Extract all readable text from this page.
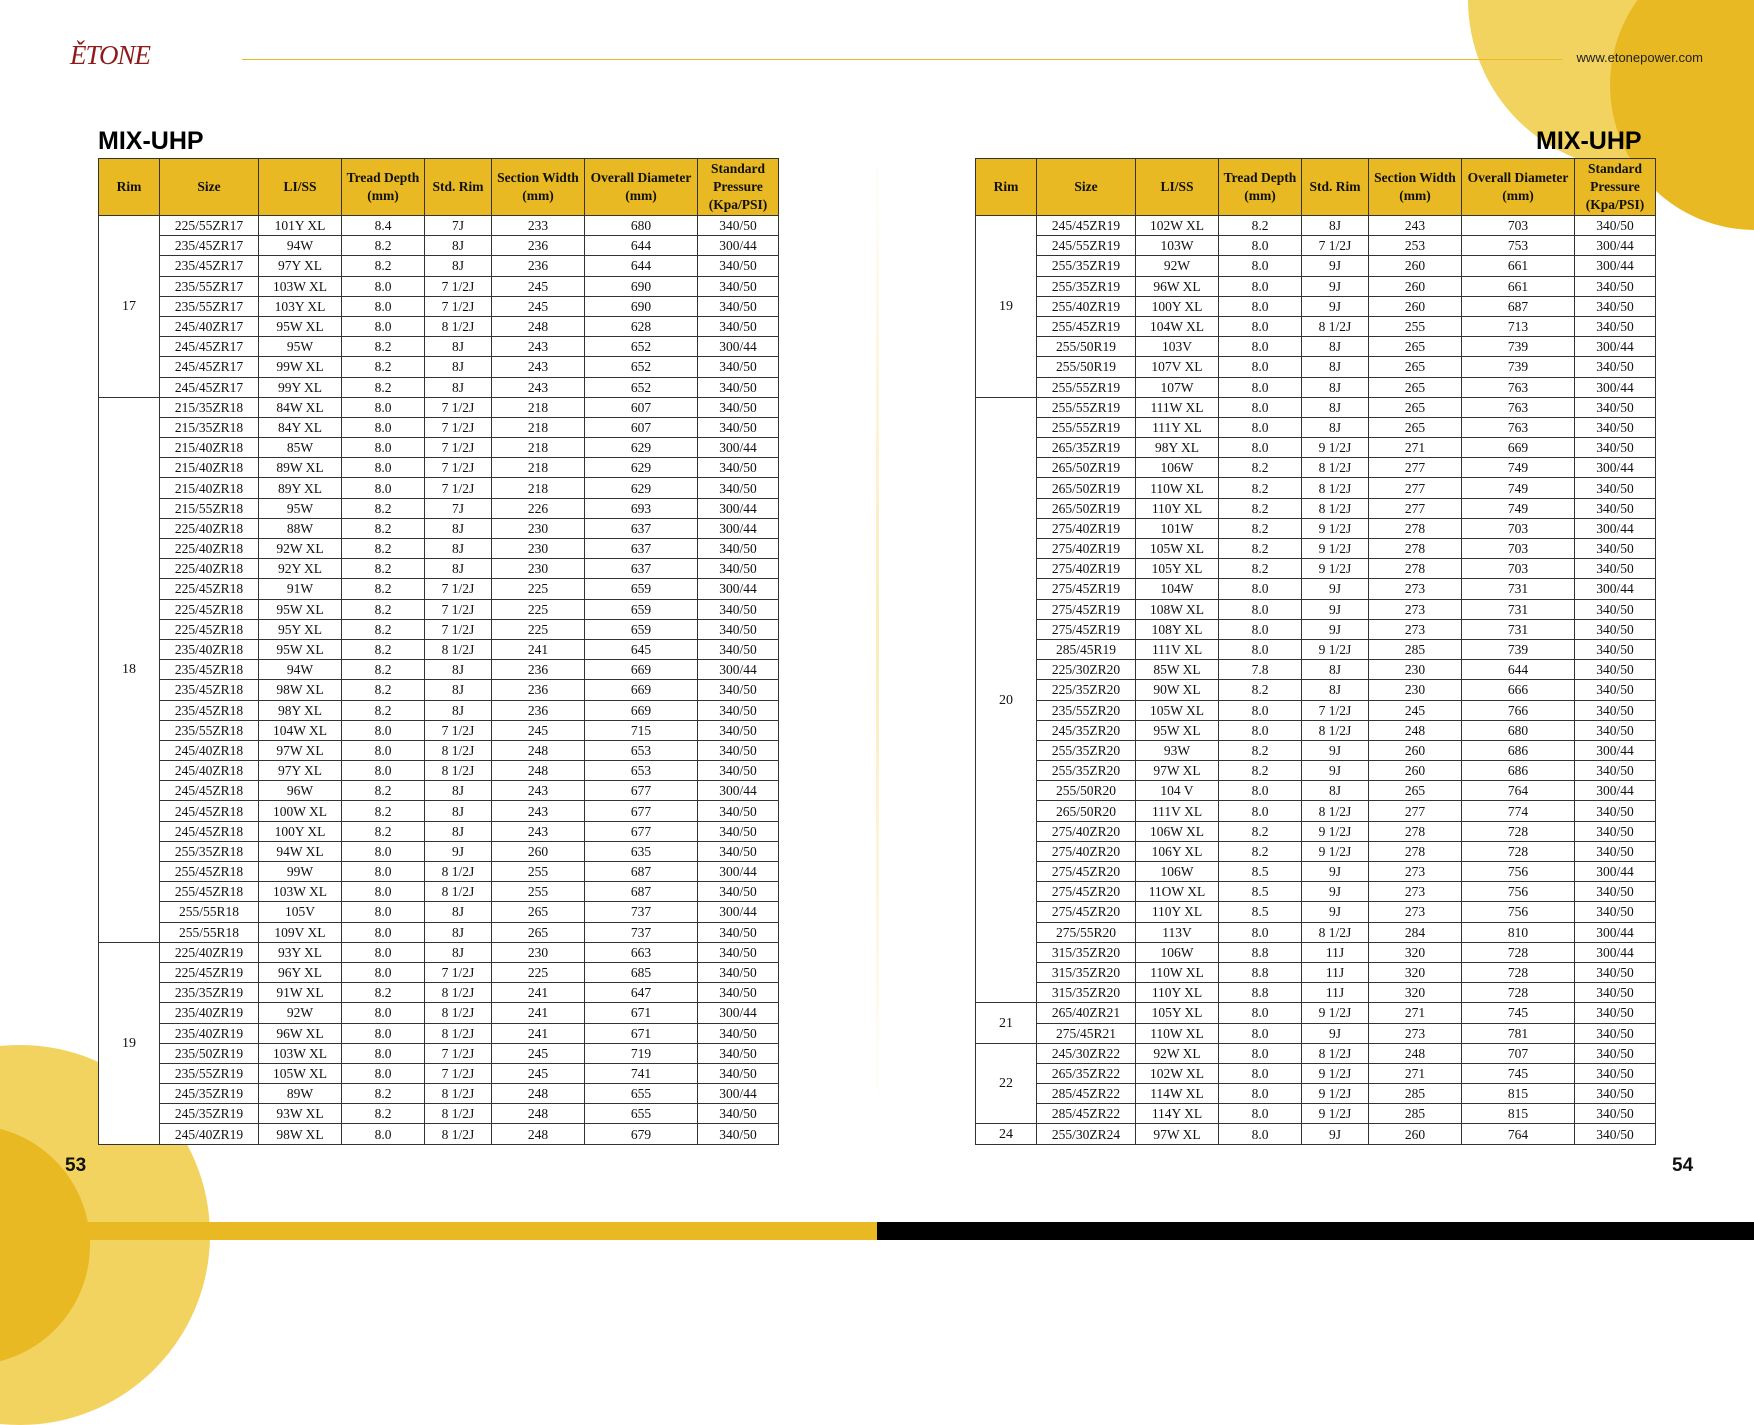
ĚTONE	www.etonepower.com
MIX-UHP	MIX-UHP
Rim	Size	LI/SS	Tread Depth (mm)	Std. Rim	Section Width (mm)	Overall Diameter (mm)	Standard Pressure (Kpa/PSI)
17	225/55ZR17	101Y XL	8.4	7J	233	680	340/50
	235/45ZR17	94W	8.2	8J	236	644	300/44
	235/45ZR17	97Y XL	8.2	8J	236	644	340/50
	235/55ZR17	103W XL	8.0	7 1/2J	245	690	340/50
	235/55ZR17	103Y XL	8.0	7 1/2J	245	690	340/50
	245/40ZR17	95W XL	8.0	8 1/2J	248	628	340/50
	245/45ZR17	95W	8.2	8J	243	652	300/44
	245/45ZR17	99W XL	8.2	8J	243	652	340/50
	245/45ZR17	99Y XL	8.2	8J	243	652	340/50
18	215/35ZR18	84W XL	8.0	7 1/2J	218	607	340/50
	215/35ZR18	84Y XL	8.0	7 1/2J	218	607	340/50
	215/40ZR18	85W	8.0	7 1/2J	218	629	300/44
	215/40ZR18	89W XL	8.0	7 1/2J	218	629	340/50
	215/40ZR18	89Y XL	8.0	7 1/2J	218	629	340/50
	215/55ZR18	95W	8.2	7J	226	693	300/44
	225/40ZR18	88W	8.2	8J	230	637	300/44
	225/40ZR18	92W XL	8.2	8J	230	637	340/50
	225/40ZR18	92Y XL	8.2	8J	230	637	340/50
	225/45ZR18	91W	8.2	7 1/2J	225	659	300/44
	225/45ZR18	95W XL	8.2	7 1/2J	225	659	340/50
	225/45ZR18	95Y XL	8.2	7 1/2J	225	659	340/50
	235/40ZR18	95W XL	8.2	8 1/2J	241	645	340/50
	235/45ZR18	94W	8.2	8J	236	669	300/44
	235/45ZR18	98W XL	8.2	8J	236	669	340/50
	235/45ZR18	98Y XL	8.2	8J	236	669	340/50
	235/55ZR18	104W XL	8.0	7 1/2J	245	715	340/50
	245/40ZR18	97W XL	8.0	8 1/2J	248	653	340/50
	245/40ZR18	97Y XL	8.0	8 1/2J	248	653	340/50
	245/45ZR18	96W	8.2	8J	243	677	300/44
	245/45ZR18	100W XL	8.2	8J	243	677	340/50
	245/45ZR18	100Y XL	8.2	8J	243	677	340/50
	255/35ZR18	94W XL	8.0	9J	260	635	340/50
	255/45ZR18	99W	8.0	8 1/2J	255	687	300/44
	255/45ZR18	103W XL	8.0	8 1/2J	255	687	340/50
	255/55R18	105V	8.0	8J	265	737	300/44
	255/55R18	109V XL	8.0	8J	265	737	340/50
19	225/40ZR19	93Y XL	8.0	8J	230	663	340/50
	225/45ZR19	96Y XL	8.0	7 1/2J	225	685	340/50
	235/35ZR19	91W XL	8.2	8 1/2J	241	647	340/50
	235/40ZR19	92W	8.0	8 1/2J	241	671	300/44
	235/40ZR19	96W XL	8.0	8 1/2J	241	671	340/50
	235/50ZR19	103W XL	8.0	7 1/2J	245	719	340/50
	235/55ZR19	105W XL	8.0	7 1/2J	245	741	340/50
	245/35ZR19	89W	8.2	8 1/2J	248	655	300/44
	245/35ZR19	93W XL	8.2	8 1/2J	248	655	340/50
	245/40ZR19	98W XL	8.0	8 1/2J	248	679	340/50
Rim	Size	LI/SS	Tread Depth (mm)	Std. Rim	Section Width (mm)	Overall Diameter (mm)	Standard Pressure (Kpa/PSI)
19	245/45ZR19	102W XL	8.2	8J	243	703	340/50
	245/55ZR19	103W	8.0	7 1/2J	253	753	300/44
	255/35ZR19	92W	8.0	9J	260	661	300/44
	255/35ZR19	96W XL	8.0	9J	260	661	340/50
	255/40ZR19	100Y XL	8.0	9J	260	687	340/50
	255/45ZR19	104W XL	8.0	8 1/2J	255	713	340/50
	255/50R19	103V	8.0	8J	265	739	300/44
	255/50R19	107V XL	8.0	8J	265	739	340/50
	255/55ZR19	107W	8.0	8J	265	763	300/44
20	255/55ZR19	111W XL	8.0	8J	265	763	340/50
	255/55ZR19	111Y XL	8.0	8J	265	763	340/50
	265/35ZR19	98Y XL	8.0	9 1/2J	271	669	340/50
	265/50ZR19	106W	8.2	8 1/2J	277	749	300/44
	265/50ZR19	110W XL	8.2	8 1/2J	277	749	340/50
	265/50ZR19	110Y XL	8.2	8 1/2J	277	749	340/50
	275/40ZR19	101W	8.2	9 1/2J	278	703	300/44
	275/40ZR19	105W XL	8.2	9 1/2J	278	703	340/50
	275/40ZR19	105Y XL	8.2	9 1/2J	278	703	340/50
	275/45ZR19	104W	8.0	9J	273	731	300/44
	275/45ZR19	108W XL	8.0	9J	273	731	340/50
	275/45ZR19	108Y XL	8.0	9J	273	731	340/50
	285/45R19	111V XL	8.0	9 1/2J	285	739	340/50
	225/30ZR20	85W XL	7.8	8J	230	644	340/50
	225/35ZR20	90W XL	8.2	8J	230	666	340/50
	235/55ZR20	105W XL	8.0	7 1/2J	245	766	340/50
	245/35ZR20	95W XL	8.0	8 1/2J	248	680	340/50
	255/35ZR20	93W	8.2	9J	260	686	300/44
	255/35ZR20	97W XL	8.2	9J	260	686	340/50
	255/50R20	104 V	8.0	8J	265	764	300/44
	265/50R20	111V XL	8.0	8 1/2J	277	774	340/50
	275/40ZR20	106W XL	8.2	9 1/2J	278	728	340/50
	275/40ZR20	106Y XL	8.2	9 1/2J	278	728	340/50
	275/45ZR20	106W	8.5	9J	273	756	300/44
	275/45ZR20	11OW XL	8.5	9J	273	756	340/50
	275/45ZR20	110Y XL	8.5	9J	273	756	340/50
	275/55R20	113V	8.0	8 1/2J	284	810	300/44
	315/35ZR20	106W	8.8	11J	320	728	300/44
	315/35ZR20	110W XL	8.8	11J	320	728	340/50
	315/35ZR20	110Y XL	8.8	11J	320	728	340/50
21	265/40ZR21	105Y XL	8.0	9 1/2J	271	745	340/50
	275/45R21	110W XL	8.0	9J	273	781	340/50
22	245/30ZR22	92W XL	8.0	8 1/2J	248	707	340/50
	265/35ZR22	102W XL	8.0	9 1/2J	271	745	340/50
	285/45ZR22	114W XL	8.0	9 1/2J	285	815	340/50
	285/45ZR22	114Y XL	8.0	9 1/2J	285	815	340/50
24	255/30ZR24	97W XL	8.0	9J	260	764	340/50
53	54
